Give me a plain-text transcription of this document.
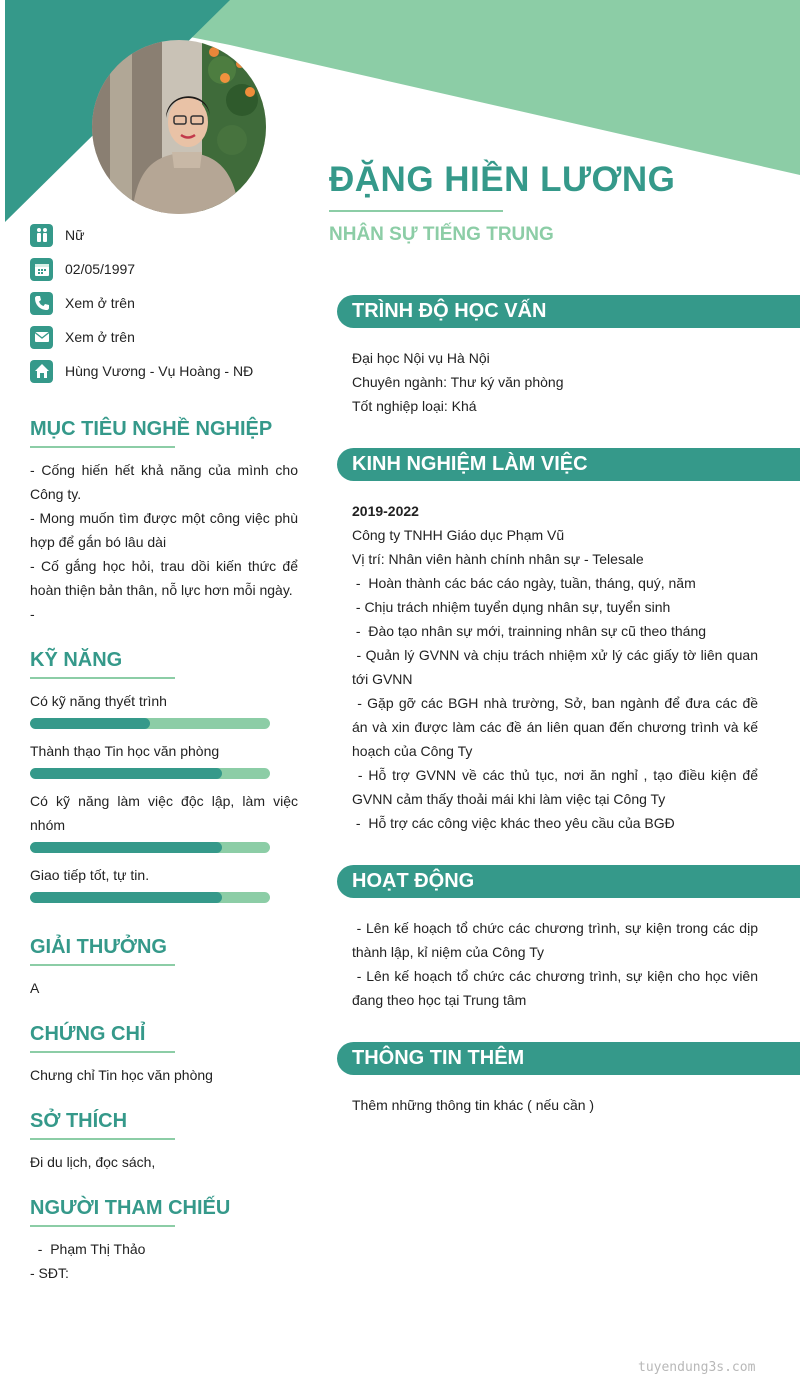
ĐẶNG HIỀN LƯƠNG
NHÂN SỰ TIẾNG TRUNG
Nữ
02/05/1997
Xem ở trên
Xem ở trên
Hùng Vương - Vụ Hoàng - NĐ
MỤC TIÊU NGHỀ NGHIỆP
- Cống hiến hết khả năng của mình cho Công ty.
- Mong muốn tìm được một công việc phù hợp để gắn bó lâu dài
- Cố gắng học hỏi, trau dồi kiến thức để hoàn thiện bản thân, nỗ lực hơn mỗi ngày.
-
KỸ NĂNG
Có kỹ năng thyết trình
Thành thạo Tin học văn phòng
Có kỹ năng làm việc độc lập, làm việc nhóm
Giao tiếp tốt, tự tin.
GIẢI THƯỞNG
A
CHỨNG CHỈ
Chưng chỉ Tin học văn phòng
SỞ THÍCH
Đi du lịch, đọc sách,
NGƯỜI THAM CHIẾU
-  Phạm Thị Thảo
- SĐT:
TRÌNH ĐỘ HỌC VẤN
Đại học Nội vụ Hà Nội
Chuyên ngành: Thư ký văn phòng
Tốt nghiệp loại: Khá
KINH NGHIỆM LÀM VIỆC
2019-2022
Công ty TNHH Giáo dục Phạm Vũ
Vị trí: Nhân viên hành chính nhân sự - Telesale
-  Hoàn thành các bác cáo ngày, tuần, tháng, quý, năm
- Chịu trách nhiệm tuyển dụng nhân sự, tuyển sinh
-  Đào tạo nhân sự mới, trainning nhân sự cũ theo tháng
- Quản lý GVNN và chịu trách nhiệm xử lý các giấy tờ liên quan tới GVNN
- Gặp gỡ các BGH nhà trường, Sở, ban ngành để đưa các đề án và xin được làm các đề án liên quan đến chương trình và kế hoạch của Công Ty
- Hỗ trợ GVNN về các thủ tục, nơi ăn nghỉ , tạo điều kiện để GVNN cảm thấy thoải mái khi làm việc tại Công Ty
-  Hỗ trợ các công việc khác theo yêu cầu của BGĐ
HOẠT ĐỘNG
- Lên kế hoạch tổ chức các chương trình, sự kiện trong các dịp thành lập, kỉ niệm của Công Ty
- Lên kế hoạch tổ chức các chương trình, sự kiện cho học viên đang theo học tại Trung tâm
THÔNG TIN THÊM
Thêm những thông tin khác ( nếu cần )
tuyendung3s.com
